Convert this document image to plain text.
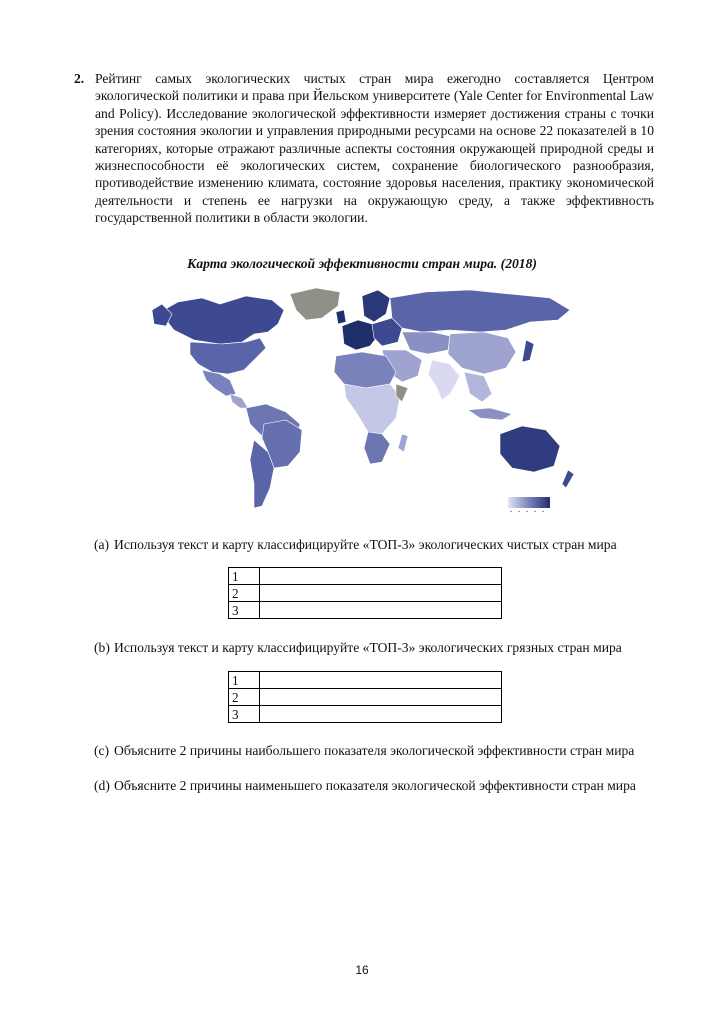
2. Рейтинг самых экологических чистых стран мира ежегодно составляется Центром экологической политики и права при Йельском университете (Yale Center for Environmental Law and Policy). Исследование экологической эффективности измеряет достижения страны с точки зрения состояния экологии и управления природными ресурсами на основе 22 показателей в 10 категориях, которые отражают различные аспекты состояния окружающей природной среды и жизнеспособности её экологических систем, сохранение биологического разнообразия, противодействие изменению климата, состояние здоровья населения, практику экономической деятельности и степень ее нагрузки на окружающую среду, а также эффективность государственной политики в области экологии.
Карта экологической эффективности стран мира. (2018)
(a) Используя текст и карту классифицируйте «ТОП-3» экологических чистых стран мира
1	
2	
3	
(b) Используя текст и карту классифицируйте «ТОП-3» экологических грязных стран мира
1	
2	
3	
(c) Объясните 2 причины наибольшего показателя экологической эффективности стран мира
(d) Объясните 2 причины наименьшего показателя экологической эффективности стран мира
16
